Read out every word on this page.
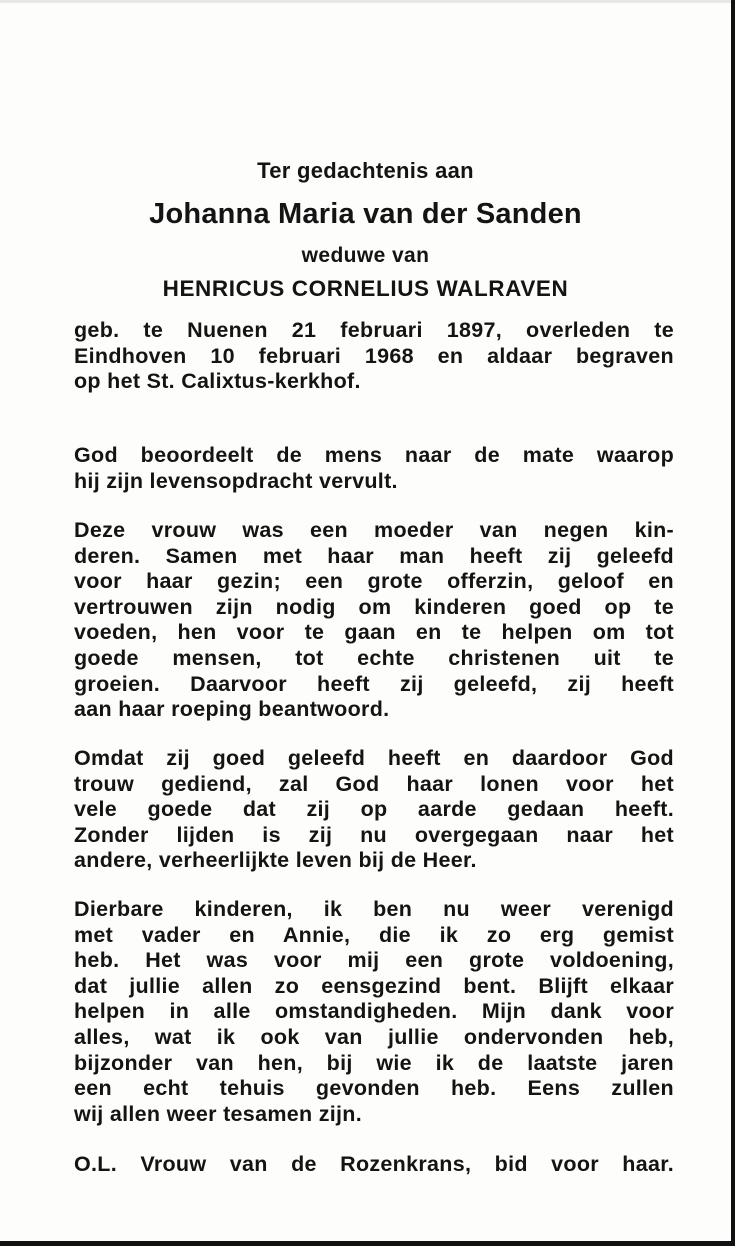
Ter gedachtenis aan
Johanna Maria van der Sanden
weduwe van
HENRICUS CORNELIUS WALRAVEN
geb. te Nuenen 21 februari 1897, overleden te
Eindhoven 10 februari 1968 en aldaar begraven
op het St. Calixtus-kerkhof.
God beoordeelt de mens naar de mate waarop
hij zijn levensopdracht vervult.
Deze vrouw was een moeder van negen kin-
deren. Samen met haar man heeft zij geleefd
voor haar gezin; een grote offerzin, geloof en
vertrouwen zijn nodig om kinderen goed op te
voeden, hen voor te gaan en te helpen om tot
goede mensen, tot echte christenen uit te
groeien. Daarvoor heeft zij geleefd, zij heeft
aan haar roeping beantwoord.
Omdat zij goed geleefd heeft en daardoor God
trouw gediend, zal God haar lonen voor het
vele goede dat zij op aarde gedaan heeft.
Zonder lijden is zij nu overgegaan naar het
andere, verheerlijkte leven bij de Heer.
Dierbare kinderen, ik ben nu weer verenigd
met vader en Annie, die ik zo erg gemist
heb. Het was voor mij een grote voldoening,
dat jullie allen zo eensgezind bent. Blijft elkaar
helpen in alle omstandigheden. Mijn dank voor
alles, wat ik ook van jullie ondervonden heb,
bijzonder van hen, bij wie ik de laatste jaren
een echt tehuis gevonden heb. Eens zullen
wij allen weer tesamen zijn.
O.L. Vrouw van de Rozenkrans, bid voor haar.
